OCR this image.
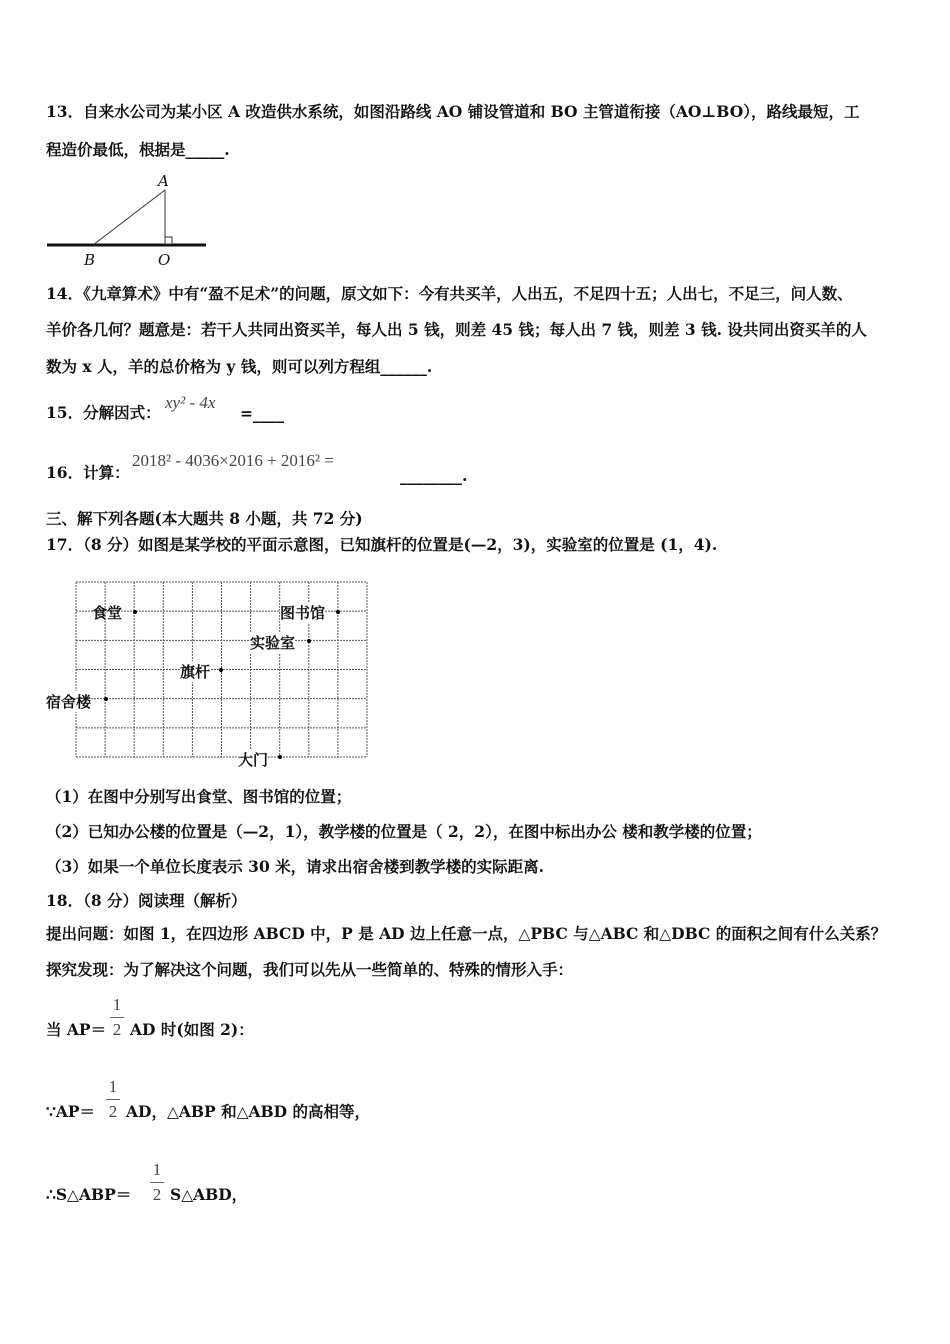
13．自来水公司为某小区 A 改造供水系统，如图沿路线 AO 铺设管道和 BO 主管道衔接（AO⊥BO），路线最短，工
程造价最低，根据是_____.
A
B	O
14．《九章算术》中有“盈不足术”的问题，原文如下：今有共买羊，人出五，不足四十五；人出七，不足三，问人数、
羊价各几何？题意是：若干人共同出资买羊，每人出 5 钱，则差 45 钱；每人出 7 钱，则差 3 钱. 设共同出资买羊的人
数为 x 人，羊的总价格为 y 钱，则可以列方程组______.
15．分解因式：
xy² - 4x
=____
16．计算：
2018² - 4036×2016 + 2016² =
________.
三、解下列各题(本大题共 8 小题，共 72 分)
17．（8 分）如图是某学校的平面示意图，已知旗杆的位置是(—2，3)，实验室的位置是 (1，4).
食堂	图书馆
实验室
旗杆
宿舍楼
大门
（1）在图中分别写出食堂、图书馆的位置；
（2）已知办公楼的位置是（—2，1），教学楼的位置是（ 2，2），在图中标出办公 楼和教学楼的位置；
（3）如果一个单位长度表示 30 米，请求出宿舍楼到教学楼的实际距离.
18．（8 分）阅读理（解析）
提出问题：如图 1，在四边形 ABCD 中，P 是 AD 边上任意一点，△PBC 与△ABC 和△DBC 的面积之间有什么关系？
探究发现：为了解决这个问题，我们可以先从一些简单的、特殊的情形入手：
当 AP＝
1
2 AD 时(如图 2)：
∵AP＝
1
2 AD，△ABP 和△ABD 的高相等，
∴S△ABP＝
1
2 S△ABD，
